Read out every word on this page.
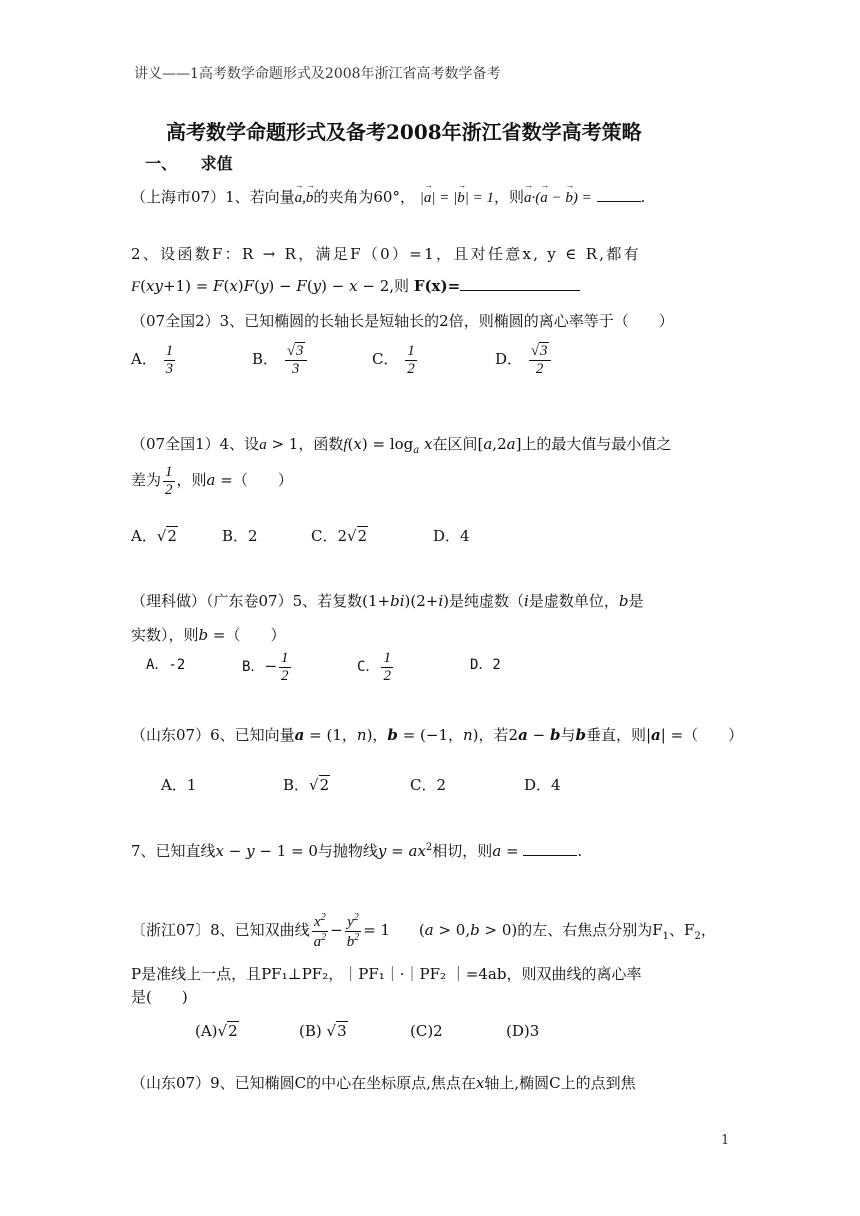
讲义——1高考数学命题形式及2008年浙江省高考数学备考
高考数学命题形式及备考2008年浙江省数学高考策略
一、 求值
（上海市07）1、若向量→ a,→ b的夹角为60°， |→ a| = |→ b| = 1，则→ a·(→ a − → b) =	.
2、设函数F：R → R，满足F（0）=1，且对任意x, y ∈ R,都有
F(xy+1) = F(x)F(y) − F(y) − x − 2,则 F(x)=
（07全国2）3、已知椭圆的长轴长是短轴长的2倍，则椭圆的离心率等于（　　）
A． $\frac{1}{3}$	B． $\frac{√3}{3}$	C． $\frac{1}{2}$	D． $\frac{√3}{2}$
（07全国1）4、设a > 1，函数$f(x) = \log_a x$在区间[a,2a]上的最大值与最小值之
差为 $\frac{1}{2}$ ，则a =（　　）
A．√2	B．2	C．2√2	D．4
（理科做）（广东卷07）5、若复数(1+bi)(2+i)是纯虚数（i是虚数单位，b是
实数），则b =（　　）
A．-2	B．− $\frac{1}{2}$	C． $\frac{1}{2}$	D．2
（山东07）6、已知向量a = (1，n)，b = (−1，n)，若2a − b与b垂直，则|a| =（　　）
A．1	B．√2	C．2	D．4
7、已知直线x − y − 1 = 0与抛物线$y = ax^2$相切，则a =	.
〔浙江07〕8、已知双曲线 $\frac{x^2}{a^2} - \frac{y^2}{b^2} = 1$ (a > 0,b > 0)的左、右焦点分别为$F_1$、$F_2$，
P是准线上一点，且PF₁⊥PF₂，｜PF₁｜·｜PF₂ ｜=4ab，则双曲线的离心率
是(　　)
(A)√2	(B) √3	(C)2	(D)3
（山东07）9、已知椭圆C的中心在坐标原点,焦点在x轴上,椭圆C上的点到焦
1
